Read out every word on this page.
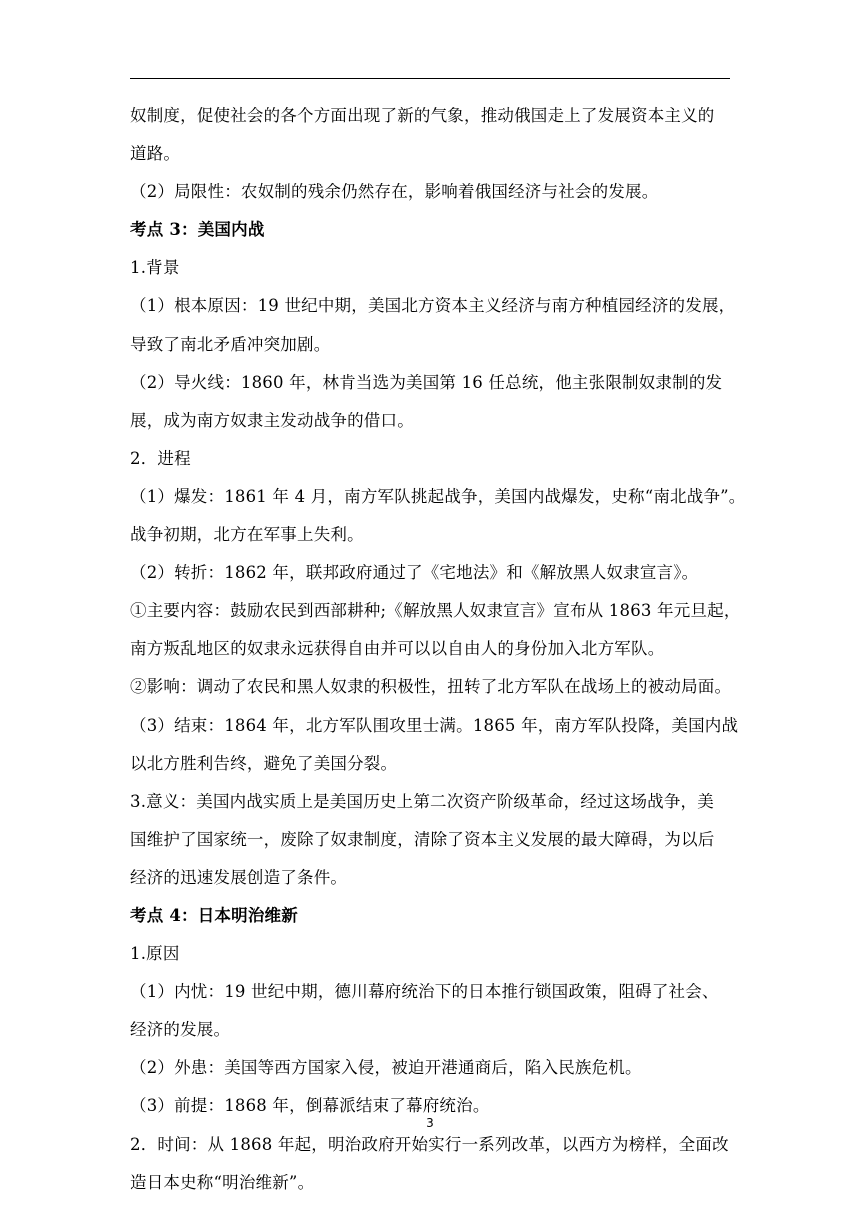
奴制度，促使社会的各个方面出现了新的气象，推动俄国走上了发展资本主义的
道路。
（2）局限性：农奴制的残余仍然存在，影响着俄国经济与社会的发展。
考点 3：美国内战
1.背景
（1）根本原因：19 世纪中期，美国北方资本主义经济与南方种植园经济的发展，
导致了南北矛盾冲突加剧。
（2）导火线：1860 年，林肯当选为美国第 16 任总统，他主张限制奴隶制的发
展，成为南方奴隶主发动战争的借口。
2．进程
（1）爆发：1861 年 4 月，南方军队挑起战争，美国内战爆发，史称“南北战争”。
战争初期，北方在军事上失利。
（2）转折：1862 年，联邦政府通过了《宅地法》和《解放黑人奴隶宣言》。
①主要内容：鼓励农民到西部耕种;《解放黑人奴隶宣言》宣布从 1863 年元旦起，
南方叛乱地区的奴隶永远获得自由并可以以自由人的身份加入北方军队。
②影响：调动了农民和黑人奴隶的积极性，扭转了北方军队在战场上的被动局面。
（3）结束：1864 年，北方军队围攻里士满。1865 年，南方军队投降，美国内战
以北方胜利告终，避免了美国分裂。
3.意义：美国内战实质上是美国历史上第二次资产阶级革命，经过这场战争，美
国维护了国家统一，废除了奴隶制度，清除了资本主义发展的最大障碍，为以后
经济的迅速发展创造了条件。
考点 4：日本明治维新
1.原因
（1）内忧：19 世纪中期，德川幕府统治下的日本推行锁国政策，阻碍了社会、
经济的发展。
（2）外患：美国等西方国家入侵，被迫开港通商后，陷入民族危机。
（3）前提：1868 年，倒幕派结束了幕府统治。
2．时间：从 1868 年起，明治政府开始实行一系列改革，以西方为榜样，全面改
造日本史称“明治维新”。
3
